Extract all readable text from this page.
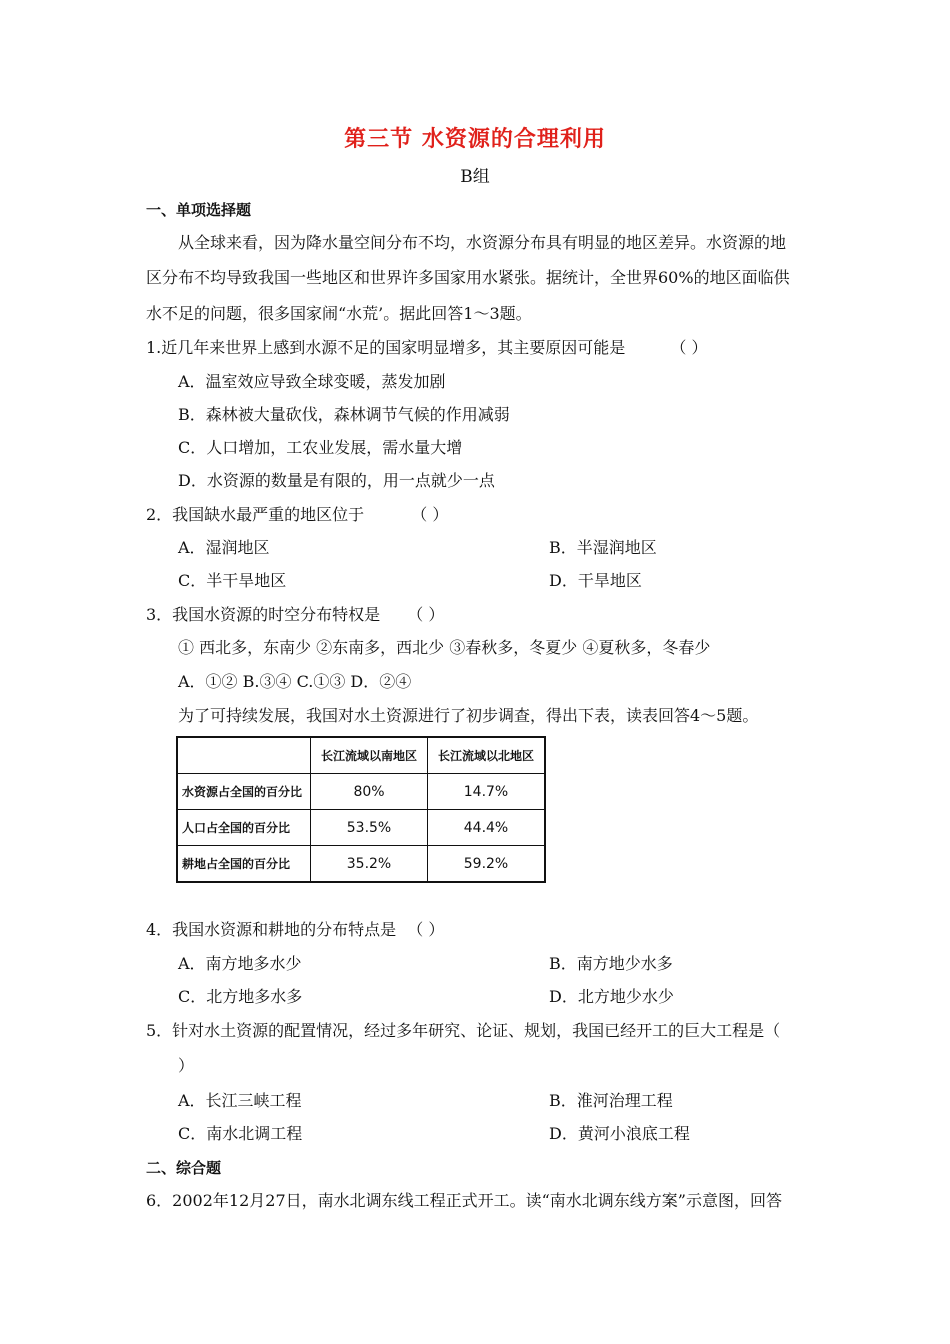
第三节 水资源的合理利用
B组
一、单项选择题
从全球来看，因为降水量空间分布不均，水资源分布具有明显的地区差异。水资源的地
区分布不均导致我国一些地区和世界许多国家用水紧张。据统计，全世界60%的地区面临供
水不足的问题，很多国家闹“水荒’。据此回答1～3题。
1.近几年来世界上感到水源不足的国家明显增多，其主要原因可能是	（ ）
A．温室效应导致全球变暖，蒸发加剧
B．森林被大量砍伐，森林调节气候的作用减弱
C．人口增加，工农业发展，需水量大增
D．水资源的数量是有限的，用一点就少一点
2．我国缺水最严重的地区位于	（ ）
A．湿润地区	B．半湿润地区
C．半干旱地区	D．干旱地区
3．我国水资源的时空分布特权是 （ ）
① 西北多，东南少 ②东南多，西北少 ③春秋多，冬夏少 ④夏秋多，冬春少
A．①② B.③④ C.①③ D．②④
为了可持续发展，我国对水土资源进行了初步调查，得出下表，读表回答4～5题。
	长江流域以南地区	长江流域以北地区
水资源占全国的百分比	80%	14.7%
人口占全国的百分比	53.5%	44.4%
耕地占全国的百分比	35.2%	59.2%
4．我国水资源和耕地的分布特点是 （ ）
A．南方地多水少	B．南方地少水多
C．北方地多水多	D．北方地少水少
5．针对水土资源的配置情况，经过多年研究、论证、规划，我国已经开工的巨大工程是（
）
A．长江三峡工程	B．淮河治理工程
C．南水北调工程	D．黄河小浪底工程
二、综合题
6．2002年12月27日，南水北调东线工程正式开工。读“南水北调东线方案”示意图，回答
